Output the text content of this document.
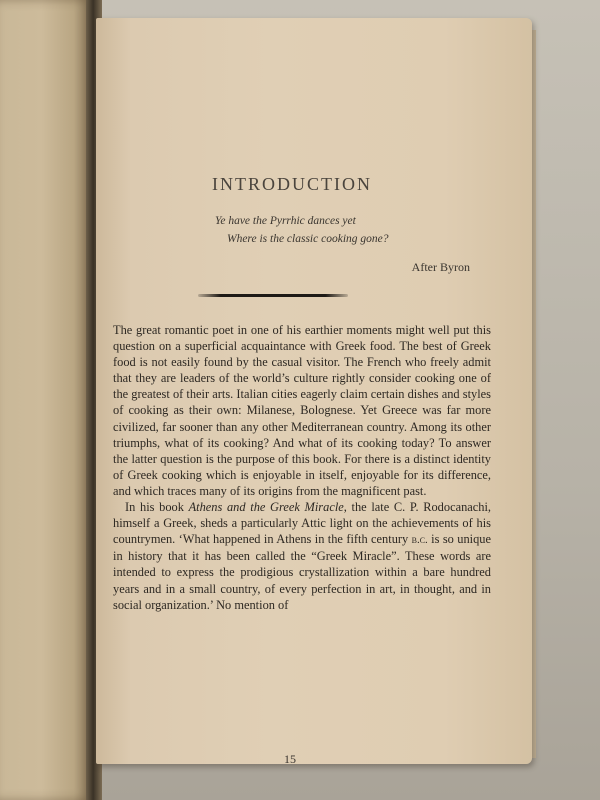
INTRODUCTION
Ye have the Pyrrhic dances yet
Where is the classic cooking gone?
After Byron

The great romantic poet in one of his earthier moments might well put this question on a superficial acquaintance with Greek food. The best of Greek food is not easily found by the casual visitor. The French who freely admit that they are leaders of the world’s culture rightly consider cooking one of the greatest of their arts. Italian cities eagerly claim certain dishes and styles of cooking as their own: Milanese, Bolognese. Yet Greece was far more civilized, far sooner than any other Mediterranean country. Among its other triumphs, what of its cooking? And what of its cooking today? To answer the latter question is the purpose of this book. For there is a distinct identity of Greek cooking which is enjoyable in itself, enjoyable for its difference, and which traces many of its origins from the magnificent past.

In his book Athens and the Greek Miracle, the late C. P. Rodocanachi, himself a Greek, sheds a particularly Attic light on the achievements of his countrymen. ‘What happened in Athens in the fifth century b.c. is so unique in history that it has been called the “Greek Miracle”. These words are intended to express the prodigious crystallization within a bare hundred years and in a small country, of every perfection in art, in thought, and in social organization.’ No mention of

15
